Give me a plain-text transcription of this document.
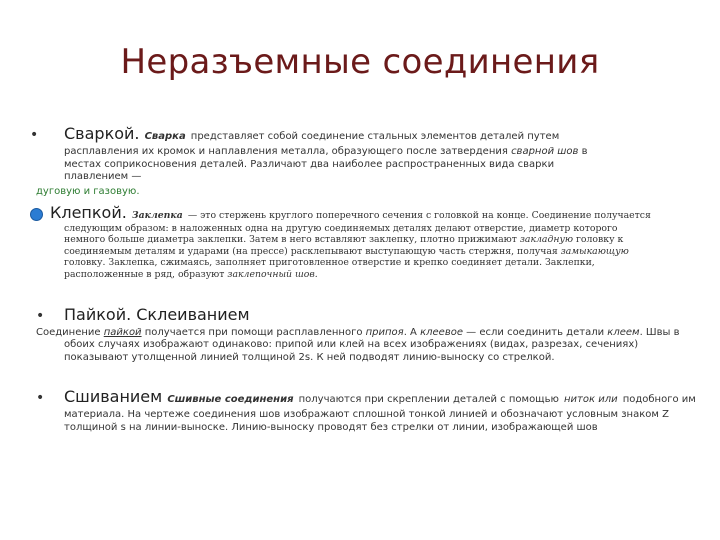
Неразъемные соединения
• Сваркой. Сварка представляет собой соединение стальных элементов деталей путем
расплавления их кромок и наплавления металла, образующего после затвердения сварной шов в
местах соприкосновения деталей. Различают два наиболее распространенных вида сварки
плавлением —
дуговую и газовую.
Клепкой. Заклепка — это стержень круглого поперечного сечения с головкой на конце. Соединение получается
следующим образом: в наложенных одна на другую соединяемых деталях делают отверстие, диаметр которого
немного больше диаметра заклепки. Затем в него вставляют заклепку, плотно прижимают закладную головку к
соединяемым деталям и ударами (на прессе) расклепывают выступающую часть стержня, получая замыкающую
головку. Заклепка, сжимаясь, заполняет приготовленное отверстие и крепко соединяет детали. Заклепки,
расположенные в ряд, образуют заклепочный шов.
• Пайкой. Склеиванием
Соединение пайкой получается при помощи расплавленного припоя. А клеевое — если соединить детали клеем. Швы в
обоих случаях изображают одинаково: припой или клей на всех изображениях (видах, разрезах, сечениях)
показывают утолщенной линией толщиной 2s. К ней подводят линию-выноску со стрелкой.
• Сшиванием Сшивные соединения получаются при скреплении деталей с помощью ниток или подобного им
материала. На чертеже соединения шов изображают сплошной тонкой линией и обозначают условным знаком Z
толщиной s на линии-выноске. Линию-выноску проводят без стрелки от линии, изображающей шов
